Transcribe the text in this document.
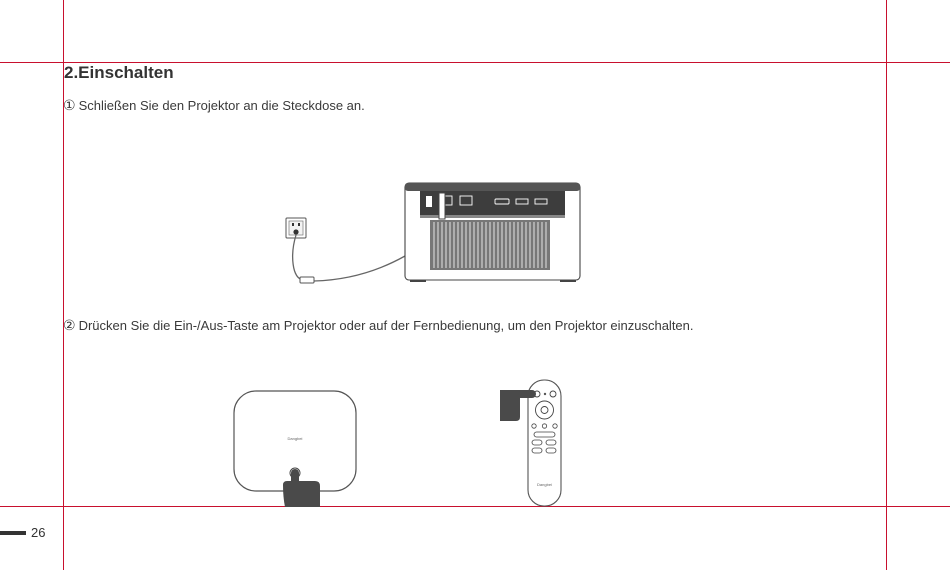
2.Einschalten
① Schließen Sie den Projektor an die Steckdose an.
② Drücken Sie die Ein-/Aus-Taste am Projektor oder auf der Fernbedienung, um den Projektor einzuschalten.
Dangbei
Dangbei
26
